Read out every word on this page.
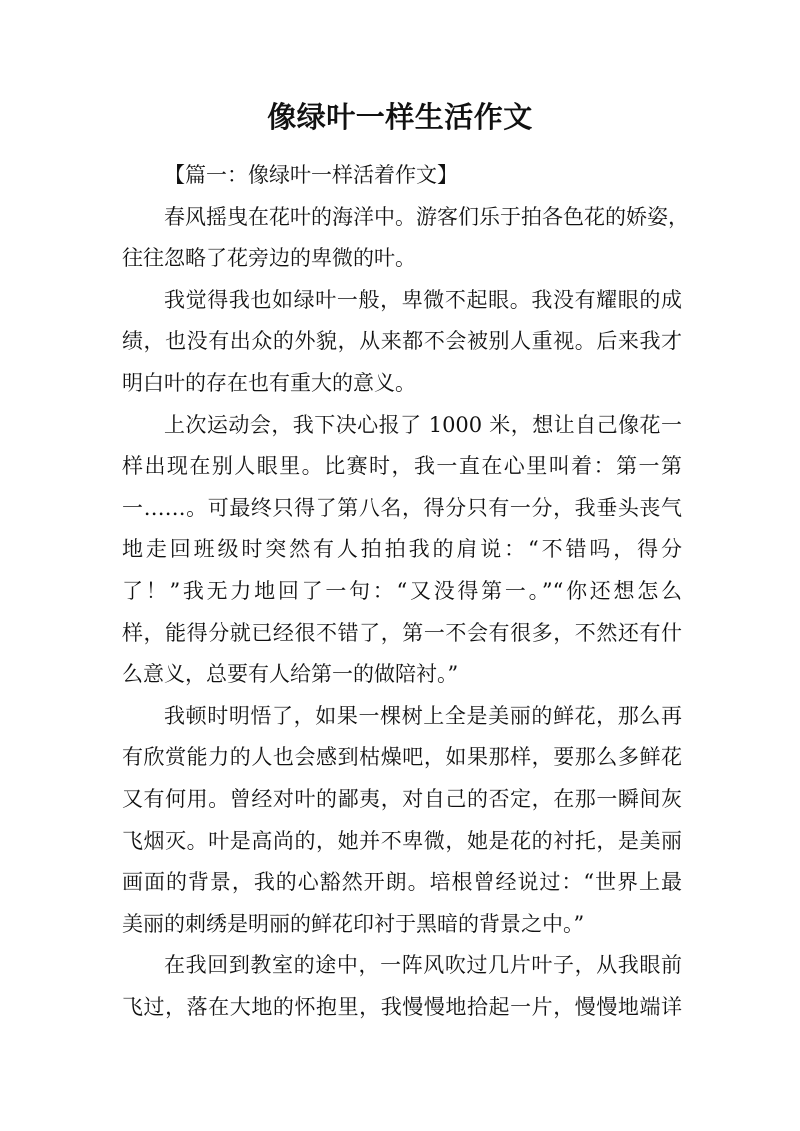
像绿叶一样生活作文
【篇一：像绿叶一样活着作文】
春风摇曳在花叶的海洋中。游客们乐于拍各色花的娇姿，
往往忽略了花旁边的卑微的叶。
我觉得我也如绿叶一般，卑微不起眼。我没有耀眼的成
绩，也没有出众的外貌，从来都不会被别人重视。后来我才
明白叶的存在也有重大的意义。
上次运动会，我下决心报了 1000 米，想让自己像花一
样出现在别人眼里。比赛时，我一直在心里叫着：第一第
一……。可最终只得了第八名，得分只有一分，我垂头丧气
地走回班级时突然有人拍拍我的肩说：“不错吗，得分
了！”我无力地回了一句：“又没得第一。”“你还想怎么
样，能得分就已经很不错了，第一不会有很多，不然还有什
么意义，总要有人给第一的做陪衬。”
我顿时明悟了，如果一棵树上全是美丽的鲜花，那么再
有欣赏能力的人也会感到枯燥吧，如果那样，要那么多鲜花
又有何用。曾经对叶的鄙夷，对自己的否定，在那一瞬间灰
飞烟灭。叶是高尚的，她并不卑微，她是花的衬托，是美丽
画面的背景，我的心豁然开朗。培根曾经说过：“世界上最
美丽的刺绣是明丽的鲜花印衬于黑暗的背景之中。”
在我回到教室的途中，一阵风吹过几片叶子，从我眼前
飞过，落在大地的怀抱里，我慢慢地拾起一片，慢慢地端详
